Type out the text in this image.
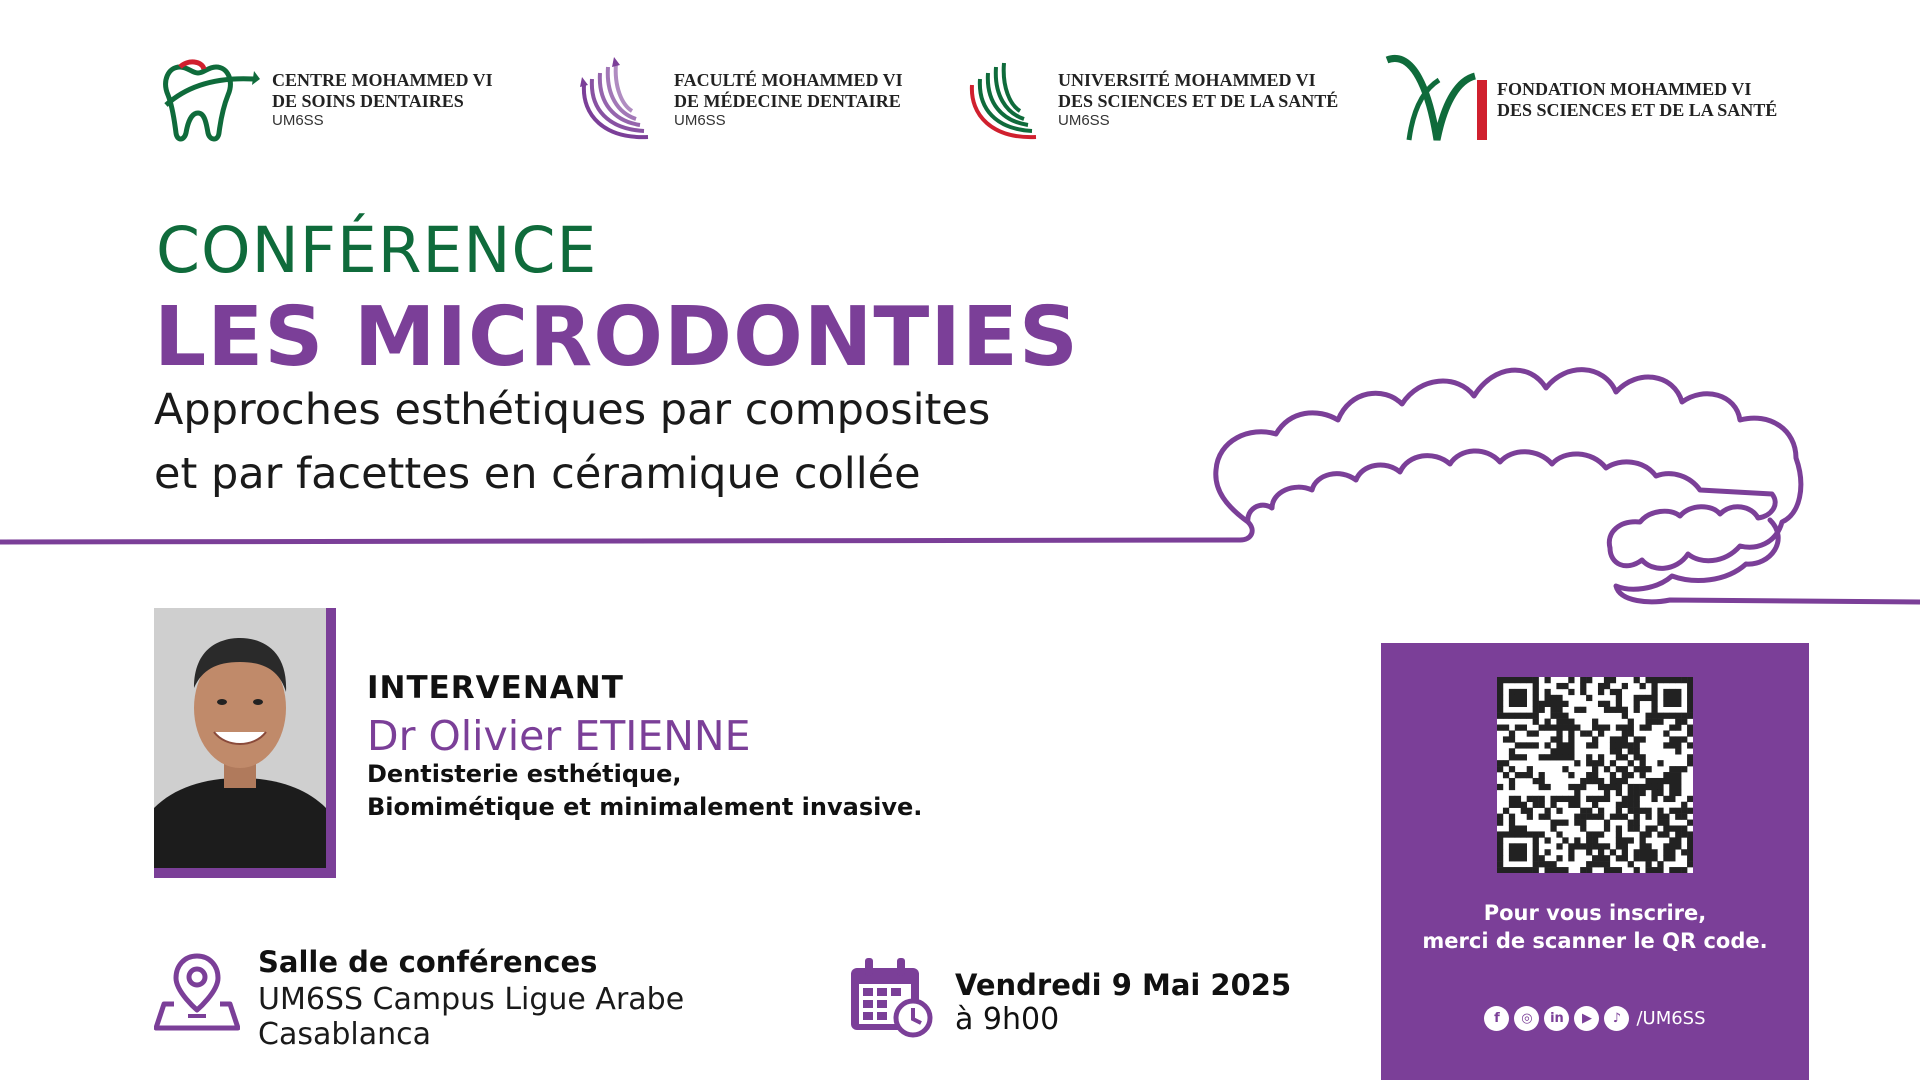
CENTRE MOHAMMED VI
DE SOINS DENTAIRES
UM6SS
FACULTÉ MOHAMMED VI
DE MÉDECINE DENTAIRE
UM6SS
UNIVERSITÉ MOHAMMED VI
DES SCIENCES ET DE LA SANTÉ
UM6SS
FONDATION MOHAMMED VI
DES SCIENCES ET DE LA SANTÉ
CONFÉRENCE
LES MICRODONTIES
Approches esthétiques par composites
et par facettes en céramique collée
INTERVENANT
Dr Olivier ETIENNE
Dentisterie esthétique,
Biomimétique et minimalement invasive.
Salle de conférences
UM6SS Campus Ligue Arabe
Casablanca
Vendredi 9 Mai 2025
à 9h00
Pour vous inscrire,
merci de scanner le QR code.
f	◎	in	▶	♪ /UM6SS
